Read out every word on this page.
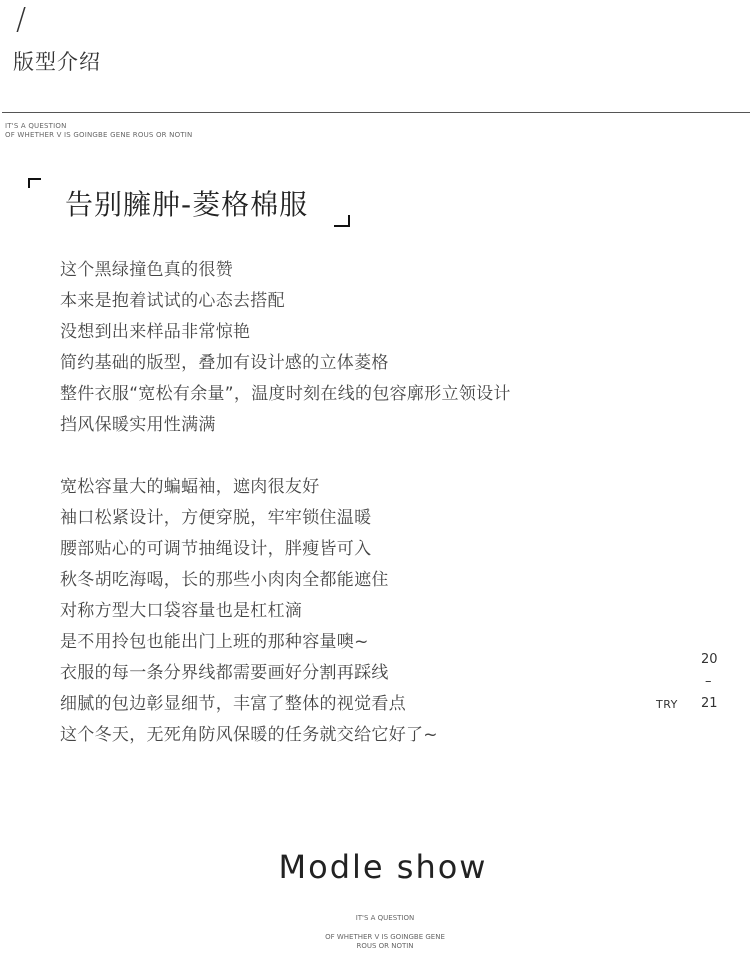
/
版型介绍
IT'S A QUESTION
OF WHETHER V IS GOINGBE GENE ROUS OR NOTIN
告别臃肿-菱格棉服
这个黑绿撞色真的很赞
本来是抱着试试的心态去搭配
没想到出来样品非常惊艳
简约基础的版型，叠加有设计感的立体菱格
整件衣服“宽松有余量”，温度时刻在线的包容廓形立领设计
挡风保暖实用性满满
宽松容量大的蝙蝠袖，遮肉很友好
袖口松紧设计，方便穿脱，牢牢锁住温暖
腰部贴心的可调节抽绳设计，胖瘦皆可入
秋冬胡吃海喝，长的那些小肉肉全都能遮住
对称方型大口袋容量也是杠杠滴
是不用拎包也能出门上班的那种容量噢~
衣服的每一条分界线都需要画好分割再踩线
细腻的包边彰显细节，丰富了整体的视觉看点
这个冬天，无死角防风保暖的任务就交给它好了~
20
–
21
TRY
Modle show
IT'S A QUESTION
OF WHETHER V IS GOINGBE GENE
ROUS OR NOTIN
